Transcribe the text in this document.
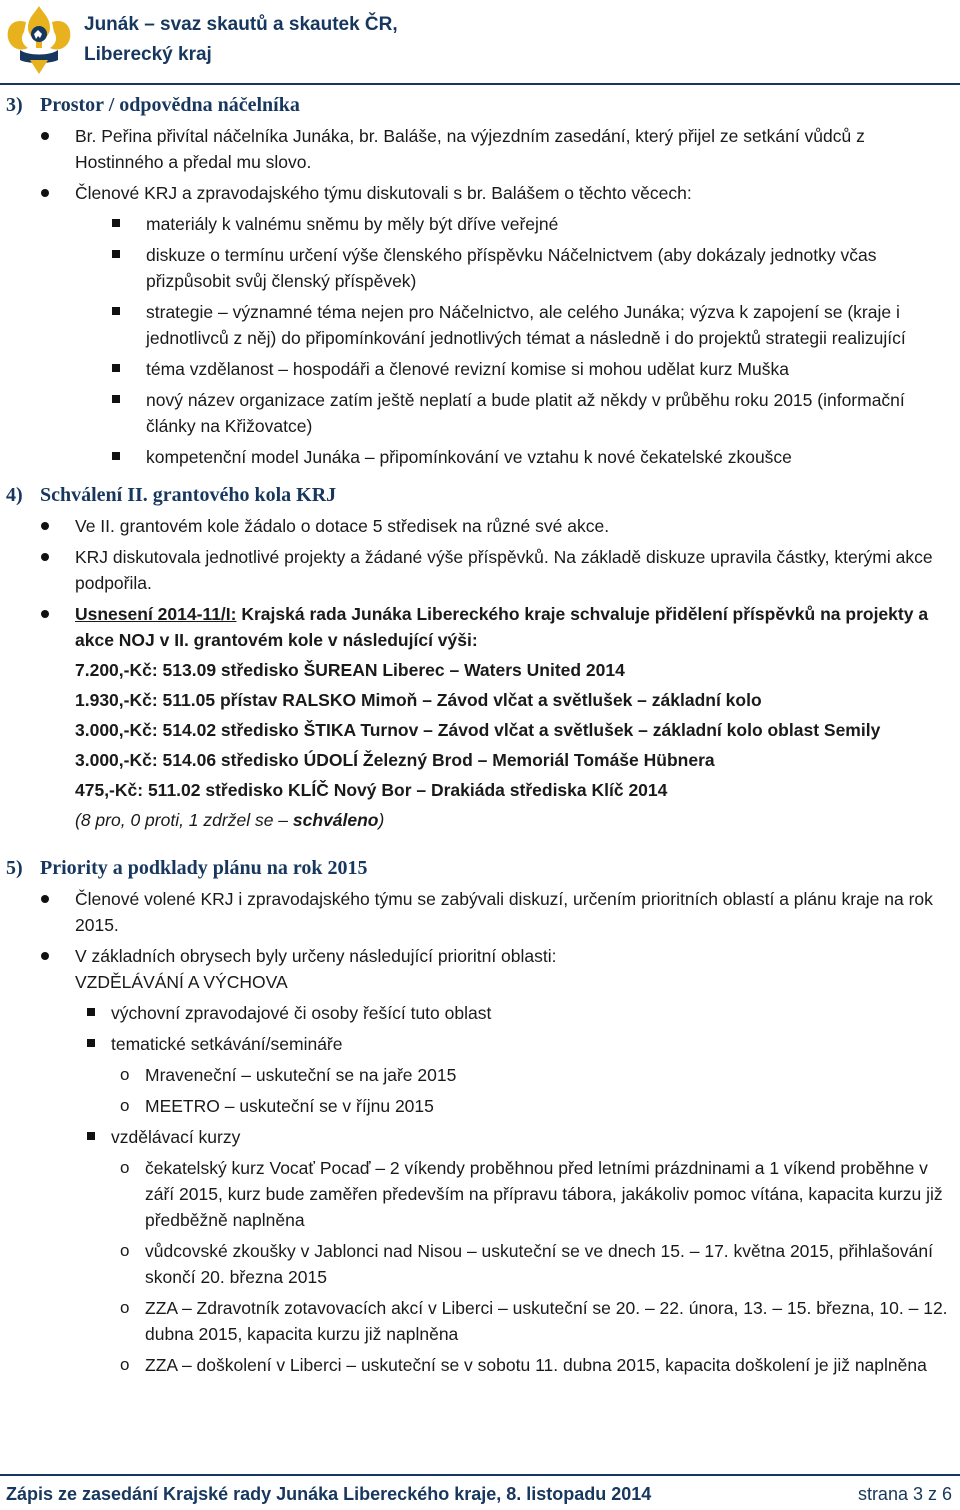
Junák – svaz skautů a skautek ČR,
Liberecký kraj
3) Prostor / odpovědna náčelníka
Br. Peřina přivítal náčelníka Junáka, br. Baláše, na výjezdním zasedání, který přijel ze setkání vůdců z Hostinného a předal mu slovo.
Členové KRJ a zpravodajského týmu diskutovali s br. Balášem o těchto věcech:
materiály k valnému sněmu by měly být dříve veřejné
diskuze o termínu určení výše členského příspěvku Náčelnictvem (aby dokázaly jednotky včas přizpůsobit svůj členský příspěvek)
strategie – významné téma nejen pro Náčelnictvo, ale celého Junáka; výzva k zapojení se (kraje i jednotlivců z něj) do připomínkování jednotlivých témat a následně i do projektů strategii realizující
téma vzdělanost – hospodáři a členové revizní komise si mohou udělat kurz Muška
nový název organizace zatím ještě neplatí a bude platit až někdy v průběhu roku 2015 (informační články na Křižovatce)
kompetenční model Junáka – připomínkování ve vztahu k nové čekatelské zkoušce
4) Schválení II. grantového kola KRJ
Ve II. grantovém kole žádalo o dotace 5 středisek na různé své akce.
KRJ diskutovala jednotlivé projekty a žádané výše příspěvků. Na základě diskuze upravila částky, kterými akce podpořila.
Usnesení 2014-11/I: Krajská rada Junáka Libereckého kraje schvaluje přidělení příspěvků na projekty a akce NOJ v II. grantovém kole v následující výši:
7.200,-Kč: 513.09 středisko ŠUREAN Liberec – Waters United 2014
1.930,-Kč: 511.05 přístav RALSKO Mimoň – Závod vlčat a světlušek – základní kolo
3.000,-Kč: 514.02 středisko ŠTIKA Turnov – Závod vlčat a světlušek – základní kolo oblast Semily
3.000,-Kč: 514.06 středisko ÚDOLÍ Železný Brod – Memoriál Tomáše Hübnera
475,-Kč: 511.02 středisko KLÍČ Nový Bor – Drakiáda střediska Klíč 2014
(8 pro, 0 proti, 1 zdržel se – schváleno)
5) Priority a podklady plánu na rok 2015
Členové volené KRJ i zpravodajského týmu se zabývali diskuzí, určením prioritních oblastí a plánu kraje na rok 2015.
V základních obrysech byly určeny následující prioritní oblasti:
VZDĚLÁVÁNÍ A VÝCHOVA
výchovní zpravodajové či osoby řešící tuto oblast
tematické setkávání/semináře
o Mraveneční – uskuteční se na jaře 2015
o MEETRO – uskuteční se v říjnu 2015
vzdělávací kurzy
o čekatelský kurz Vocať Pocaď – 2 víkendy proběhnou před letními prázdninami a 1 víkend proběhne v září 2015, kurz bude zaměřen především na přípravu tábora, jakákoliv pomoc vítána, kapacita kurzu již předběžně naplněna
o vůdcovské zkoušky v Jablonci nad Nisou – uskuteční se ve dnech 15. – 17. května 2015, přihlašování skončí 20. března 2015
o ZZA – Zdravotník zotavovacích akcí v Liberci – uskuteční se 20. – 22. února, 13. – 15. března, 10. – 12. dubna 2015, kapacita kurzu již naplněna
o ZZA – doškolení v Liberci – uskuteční se v sobotu 11. dubna 2015, kapacita doškolení je již naplněna
Zápis ze zasedání Krajské rady Junáka Libereckého kraje, 8. listopadu 2014	strana 3 z 6
